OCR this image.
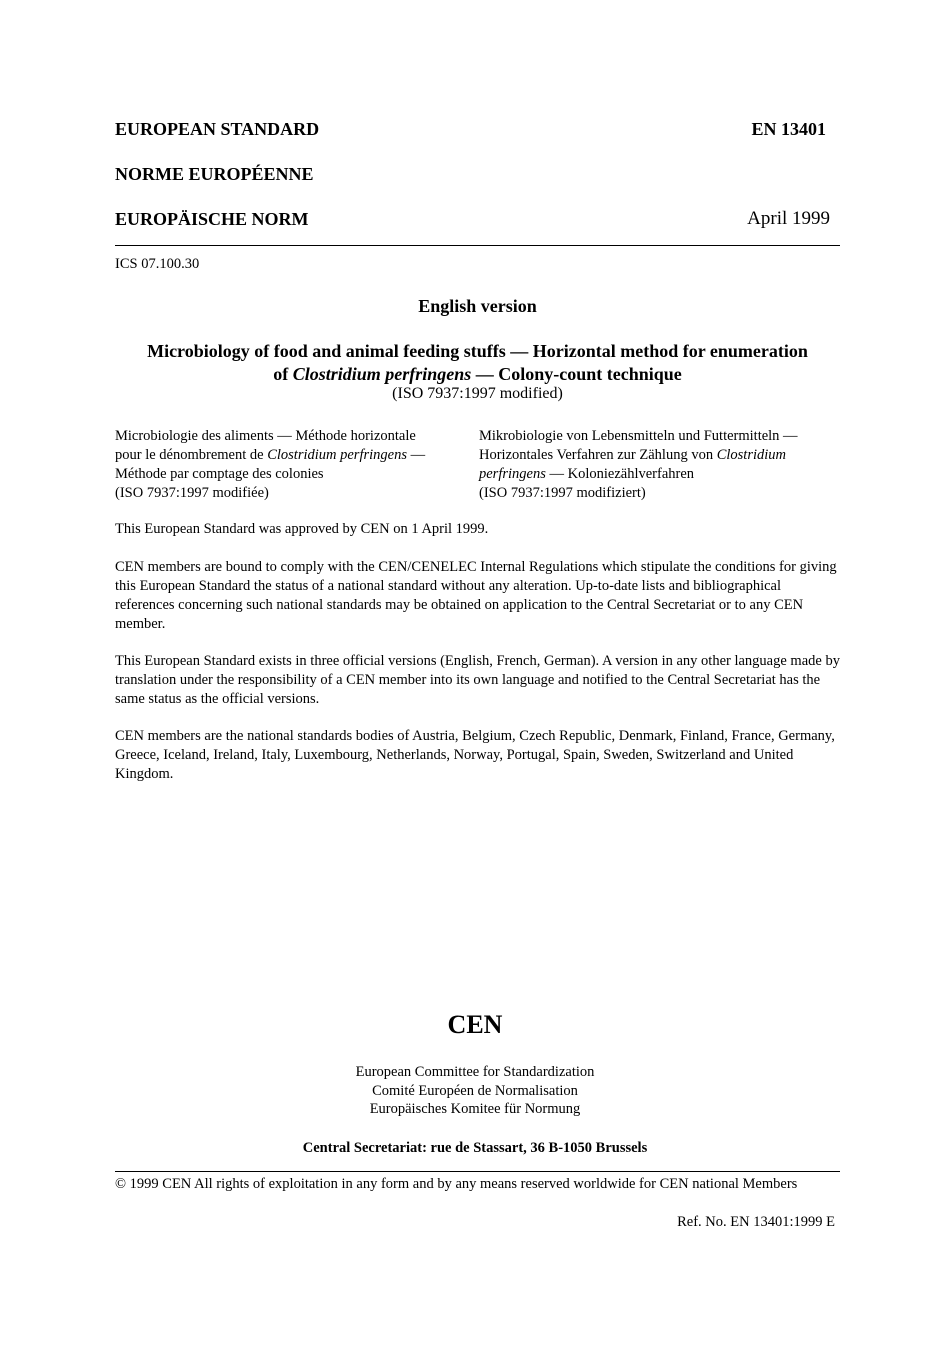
EUROPEAN STANDARD	EN 13401
NORME EUROPÉENNE
EUROPÄISCHE NORM	April 1999
ICS 07.100.30
English version
Microbiology of food and animal feeding stuffs — Horizontal method for enumeration
of Clostridium perfringens — Colony-count technique
(ISO 7937:1997 modified)
Microbiologie des aliments — Méthode horizontale
pour le dénombrement de Clostridium perfringens —
Méthode par comptage des colonies
(ISO 7937:1997 modifiée)
Mikrobiologie von Lebensmitteln und Futtermitteln —
Horizontales Verfahren zur Zählung von Clostridium
perfringens — Koloniezählverfahren
(ISO 7937:1997 modifiziert)

This European Standard was approved by CEN on 1 April 1999.

CEN members are bound to comply with the CEN/CENELEC Internal Regulations which stipulate the conditions for giving this European Standard the status of a national standard without any alteration. Up-to-date lists and bibliographical references concerning such national standards may be obtained on application to the Central Secretariat or to any CEN member.

This European Standard exists in three official versions (English, French, German). A version in any other language made by translation under the responsibility of a CEN member into its own language and notified to the Central Secretariat has the same status as the official versions.

CEN members are the national standards bodies of Austria, Belgium, Czech Republic, Denmark, Finland, France, Germany, Greece, Iceland, Ireland, Italy, Luxembourg, Netherlands, Norway, Portugal, Spain, Sweden, Switzerland and United Kingdom.

CEN
European Committee for Standardization
Comité Européen de Normalisation
Europäisches Komitee für Normung
Central Secretariat: rue de Stassart, 36 B-1050 Brussels

© 1999 CEN All rights of exploitation in any form and by any means reserved worldwide for CEN national Members

Ref. No. EN 13401:1999 E
